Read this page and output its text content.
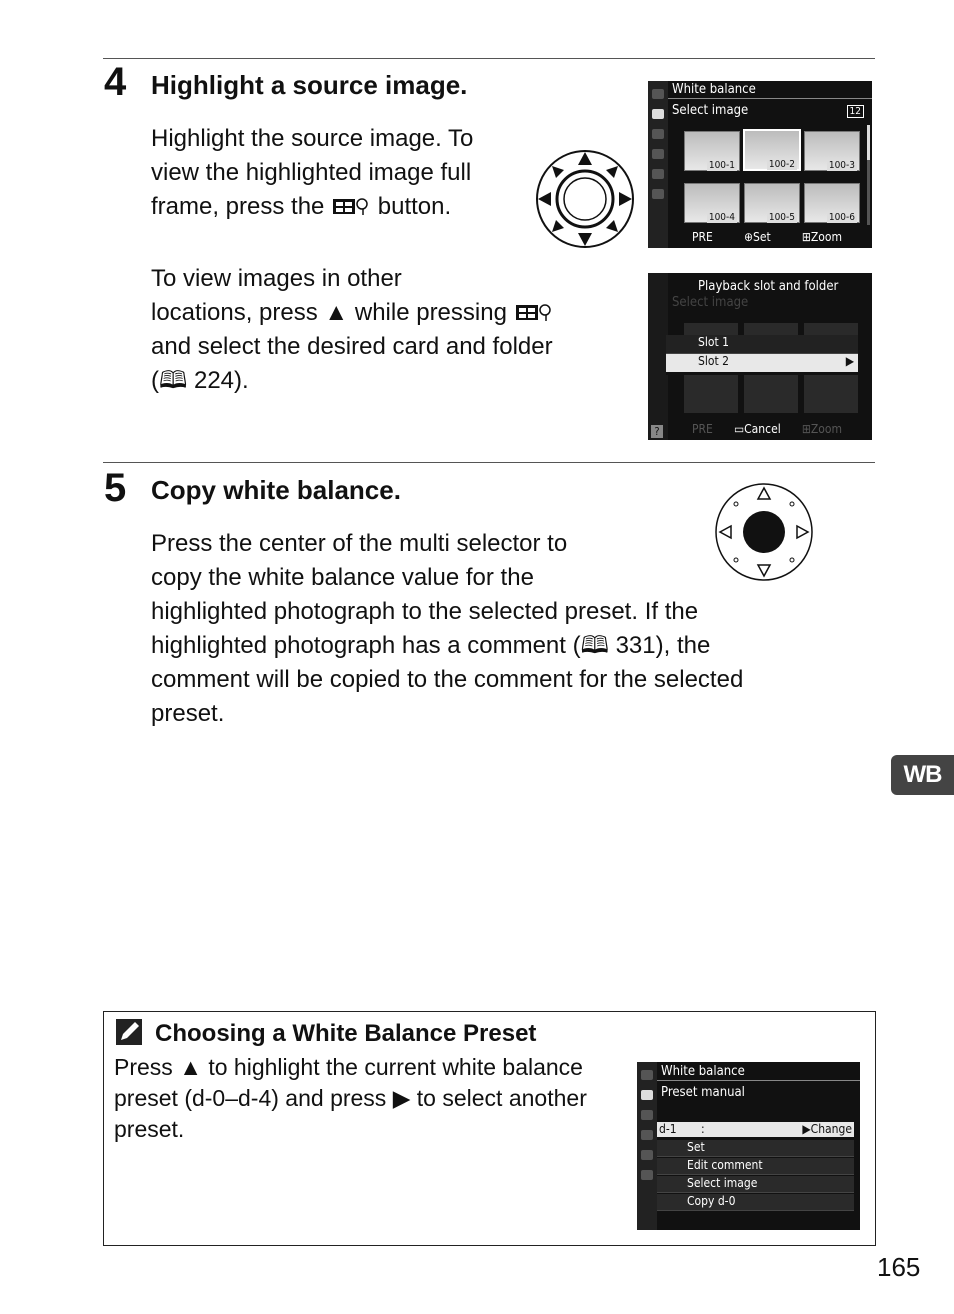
4 Highlight a source image.
Highlight the source image. To
view the highlighted image full
frame, press the button.
To view images in other
locations, press ▲ while pressing
and select the desired card and folder
(🕮 224).
White balance
Select image	12
100-1	100-2	100-3
100-4	100-5	100-6
PRE	⊕Set	⊞Zoom
Select image
Playback slot and folder
Slot 1
Slot 2	▶
?	PRE ▭Cancel ⊞Zoom
5 Copy white balance.
Press the center of the multi selector to
copy the white balance value for the
highlighted photograph to the selected preset. If the
highlighted photograph has a comment (🕮 331), the
comment will be copied to the comment for the selected
preset.
WB
Choosing a White Balance Preset
Press ▲ to highlight the current white balance
preset (d-0–d-4) and press ▶ to select another
preset.
White balance
Preset manual
d-1 :	▶Change
Set
Edit comment
Select image
Copy d-0
165
